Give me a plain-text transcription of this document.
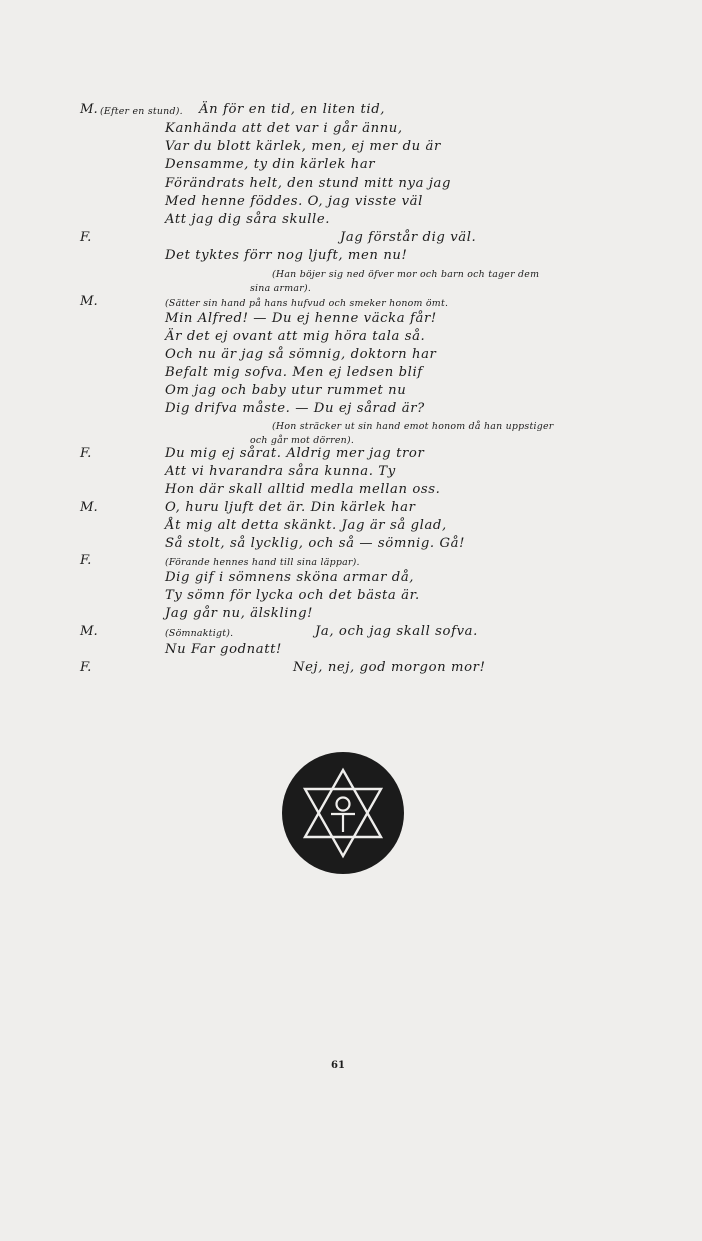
M. (Efter en stund). Än för en tid, en liten tid,
Kanhända att det var i går ännu,
Var du blott kärlek, men, ej mer du är
Densamme, ty din kärlek har
Förändrats helt, den stund mitt nya jag
Med henne föddes. O, jag visste väl
Att jag dig såra skulle.
F.	Jag förstår dig väl.
Det tyktes förr nog ljuft, men nu!
(Han böjer sig ned öfver mor och barn och tager dem
sina armar).
M.	(Sätter sin hand på hans hufvud och smeker honom ömt.
Min Alfred! — Du ej henne väcka får!
Är det ej ovant att mig höra tala så.
Och nu är jag så sömnig, doktorn har
Befalt mig sofva. Men ej ledsen blif
Om jag och baby utur rummet nu
Dig drifva måste. — Du ej sårad är?
(Hon sträcker ut sin hand emot honom då han uppstiger
och går mot dörren).
F.	Du mig ej sårat. Aldrig mer jag tror
Att vi hvarandra såra kunna. Ty
Hon där skall alltid medla mellan oss.
M.	O, huru ljuft det är. Din kärlek har
Åt mig alt detta skänkt. Jag är så glad,
Så stolt, så lycklig, och så — sömnig. Gå!
F.	(Förande hennes hand till sina läppar).
Dig gif i sömnens sköna armar då,
Ty sömn för lycka och det bästa är.
Jag går nu, älskling!
M.	(Sömnaktigt).	Ja, och jag skall sofva.
Nu Far godnatt!
F.	Nej, nej, god morgon mor!
61
